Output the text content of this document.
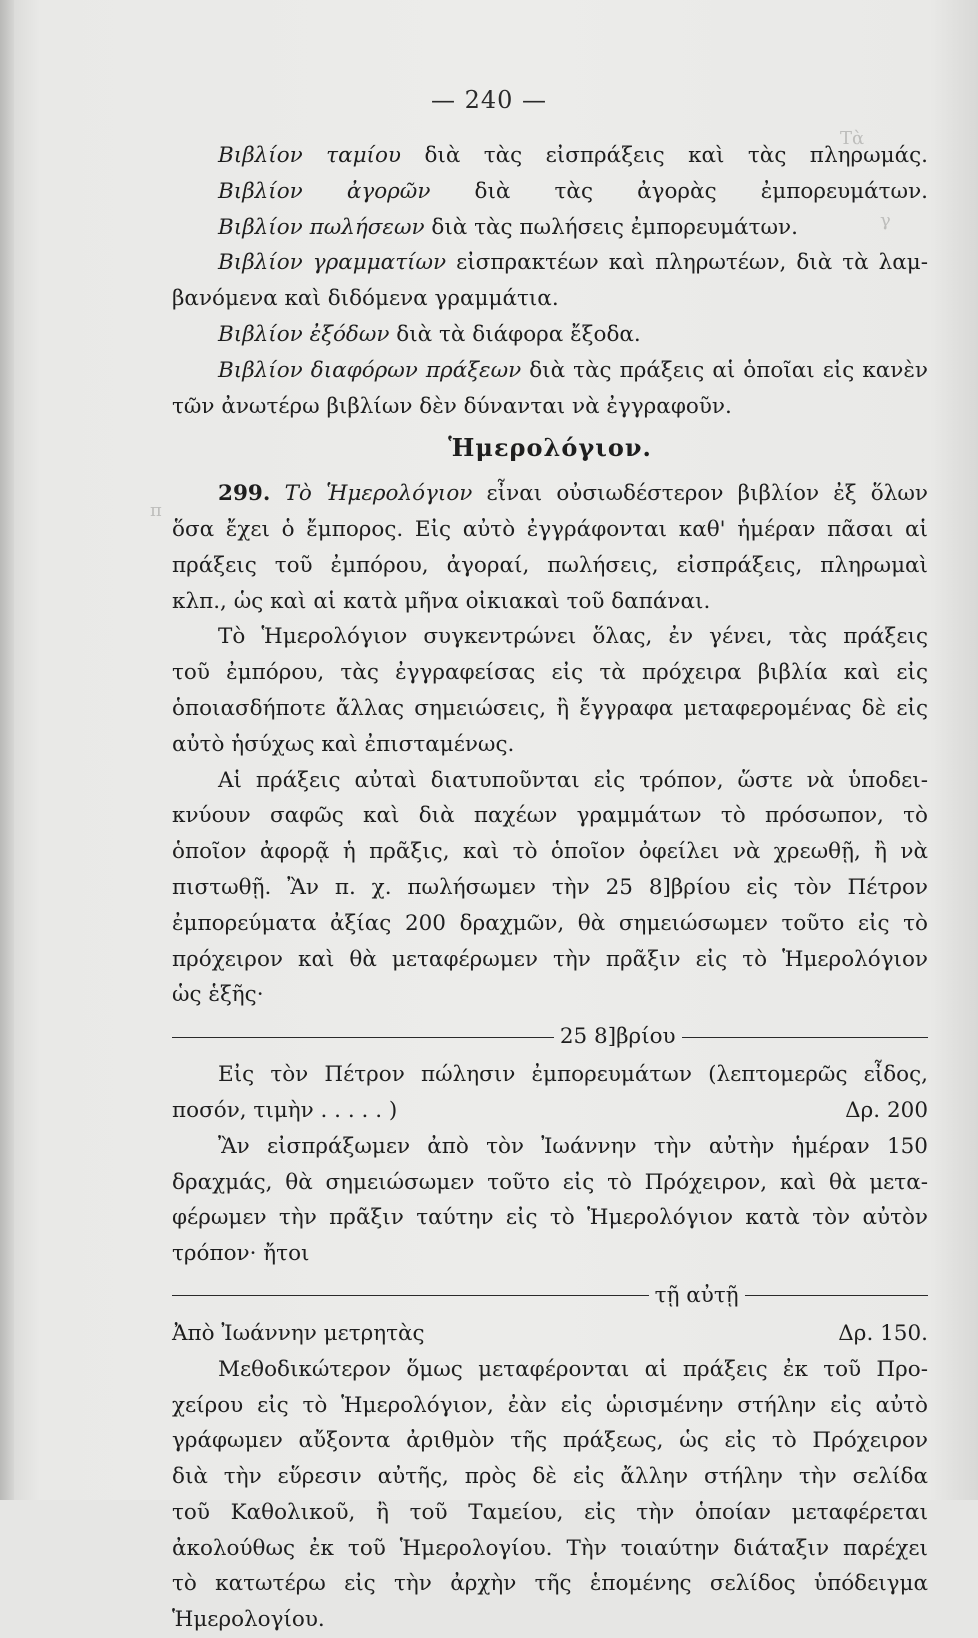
Τὰ
γ
π
— 240 —
Βιβλίον ταμίου διὰ τὰς εἰσπράξεις καὶ τὰς πληρωμάς.
Βιβλίον ἀγορῶν διὰ τὰς ἀγορὰς ἐμπορευμάτων.
Βιβλίον πωλήσεων διὰ τὰς πωλήσεις ἐμπορευμάτων.
Βιβλίον γραμματίων εἰσπρακτέων καὶ πληρωτέων, διὰ τὰ λαμ-
βανόμενα καὶ διδόμενα γραμμάτια.
Βιβλίον ἐξόδων διὰ τὰ διάφορα ἔξοδα.
Βιβλίον διαφόρων πράξεων διὰ τὰς πράξεις αἱ ὁποῖαι εἰς κανὲν
τῶν ἀνωτέρω βιβλίων δὲν δύνανται νὰ ἐγγραφοῦν.
Ἡμερολόγιον.
299. Τὸ Ἡμερολόγιον εἶναι οὐσιωδέστερον βιβλίον ἐξ ὅλων
ὅσα ἔχει ὁ ἔμπορος. Εἰς αὐτὸ ἐγγράφονται καθ' ἡμέραν πᾶσαι αἱ
πράξεις τοῦ ἐμπόρου, ἀγοραί, πωλήσεις, εἰσπράξεις, πληρωμαὶ
κλπ., ὡς καὶ αἱ κατὰ μῆνα οἰκιακαὶ τοῦ δαπάναι.
Τὸ Ἡμερολόγιον συγκεντρώνει ὅλας, ἐν γένει, τὰς πράξεις
τοῦ ἐμπόρου, τὰς ἐγγραφείσας εἰς τὰ πρόχειρα βιβλία καὶ εἰς
ὁποιασδήποτε ἄλλας σημειώσεις, ἢ ἔγγραφα μεταφερομένας δὲ εἰς
αὐτὸ ἡσύχως καὶ ἐπισταμένως.
Αἱ πράξεις αὐταὶ διατυποῦνται εἰς τρόπον, ὥστε νὰ ὑποδει-
κνύουν σαφῶς καὶ διὰ παχέων γραμμάτων τὸ πρόσωπον, τὸ
ὁποῖον ἀφορᾷ ἡ πρᾶξις, καὶ τὸ ὁποῖον ὀφείλει νὰ χρεωθῇ, ἢ νὰ
πιστωθῇ. Ἂν π. χ. πωλήσωμεν τὴν 25 8]βρίου εἰς τὸν Πέτρον
ἐμπορεύματα ἀξίας 200 δραχμῶν, θὰ σημειώσωμεν τοῦτο εἰς τὸ
πρόχειρον καὶ θὰ μεταφέρωμεν τὴν πρᾶξιν εἰς τὸ Ἡμερολόγιον
ὡς ἑξῆς·
25 8]βρίου
Εἰς τὸν Πέτρον πώλησιν ἐμπορευμάτων (λεπτομερῶς εἶδος,
ποσόν, τιμὴν . . . . . )	Δρ. 200
Ἂν εἰσπράξωμεν ἀπὸ τὸν Ἰωάννην τὴν αὐτὴν ἡμέραν 150
δραχμάς, θὰ σημειώσωμεν τοῦτο εἰς τὸ Πρόχειρον, καὶ θὰ μετα-
φέρωμεν τὴν πρᾶξιν ταύτην εἰς τὸ Ἡμερολόγιον κατὰ τὸν αὐτὸν
τρόπον· ἤτοι
τῇ αὐτῇ
Ἀπὸ Ἰωάννην μετρητὰς	Δρ. 150.
Μεθοδικώτερον ὅμως μεταφέρονται αἱ πράξεις ἐκ τοῦ Προ-
χείρου εἰς τὸ Ἡμερολόγιον, ἐὰν εἰς ὡρισμένην στήλην εἰς αὐτὸ
γράφωμεν αὔξοντα ἀριθμὸν τῆς πράξεως, ὡς εἰς τὸ Πρόχειρον
διὰ τὴν εὕρεσιν αὐτῆς, πρὸς δὲ εἰς ἄλλην στήλην τὴν σελίδα
τοῦ Καθολικοῦ, ἢ τοῦ Ταμείου, εἰς τὴν ὁποίαν μεταφέρεται
ἀκολούθως ἐκ τοῦ Ἡμερολογίου. Τὴν τοιαύτην διάταξιν παρέχει
τὸ κατωτέρω εἰς τὴν ἀρχὴν τῆς ἑπομένης σελίδος ὑπόδειγμα
Ἡμερολογίου.
